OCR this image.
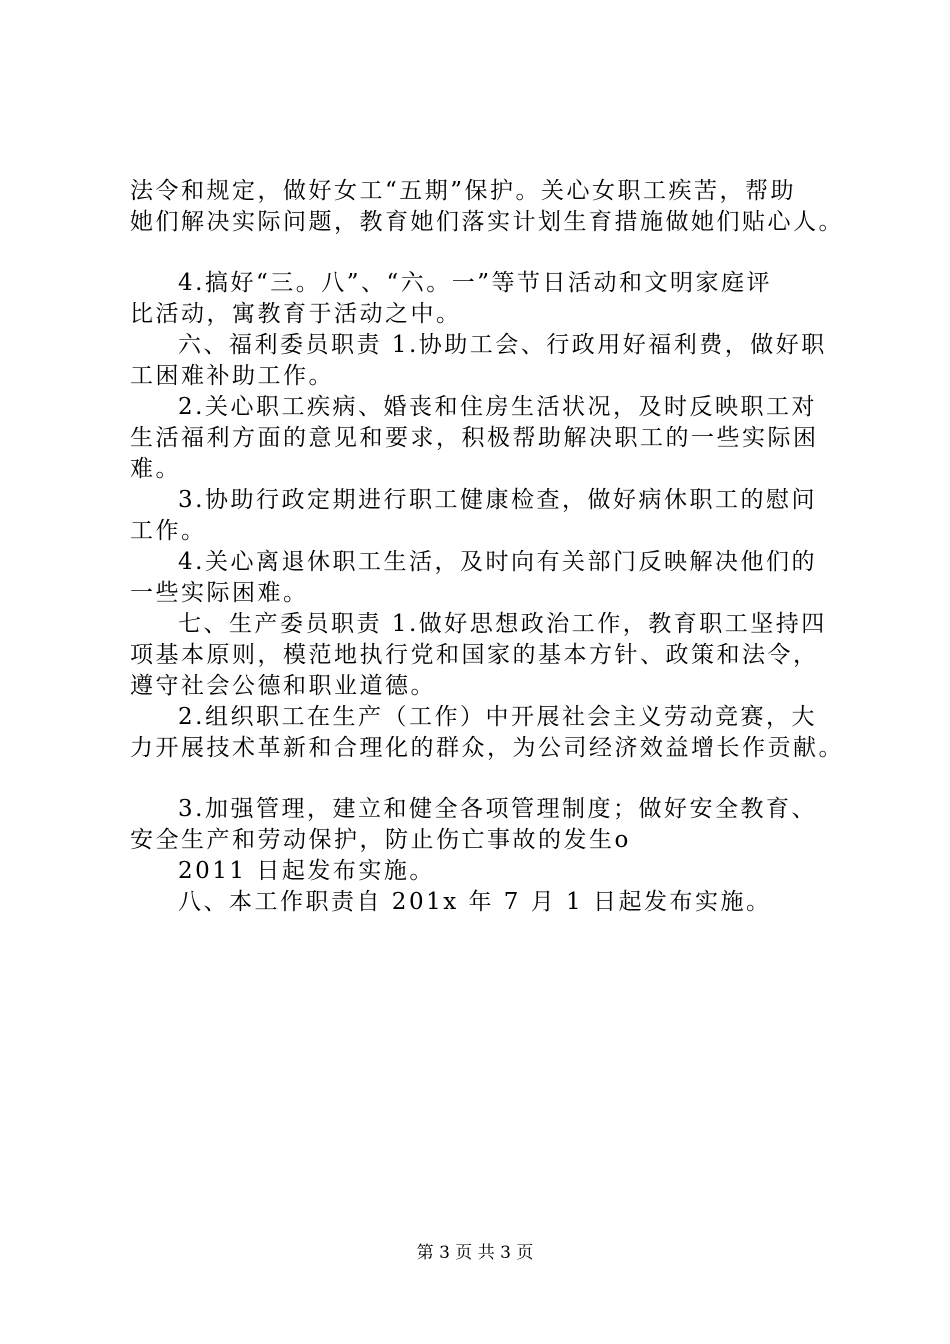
法令和规定，做好女工“五期”保护。关心女职工疾苦，帮助
她们解决实际问题，教育她们落实计划生育措施做她们贴心人。
4.搞好“三。八”、“六。一”等节日活动和文明家庭评
比活动，寓教育于活动之中。
六、福利委员职责 1.协助工会、行政用好福利费，做好职
工困难补助工作。
2.关心职工疾病、婚丧和住房生活状况，及时反映职工对
生活福利方面的意见和要求，积极帮助解决职工的一些实际困
难。
3.协助行政定期进行职工健康检查，做好病休职工的慰问
工作。
4.关心离退休职工生活，及时向有关部门反映解决他们的
一些实际困难。
七、生产委员职责 1.做好思想政治工作，教育职工坚持四
项基本原则，模范地执行党和国家的基本方针、政策和法令，
遵守社会公德和职业道德。
2.组织职工在生产（工作）中开展社会主义劳动竞赛，大
力开展技术革新和合理化的群众，为公司经济效益增长作贡献。
3.加强管理，建立和健全各项管理制度；做好安全教育、
安全生产和劳动保护，防止伤亡事故的发生o
2011 日起发布实施。
八、本工作职责自 201x 年 7 月 1 日起发布实施。
第 3 页 共 3 页
